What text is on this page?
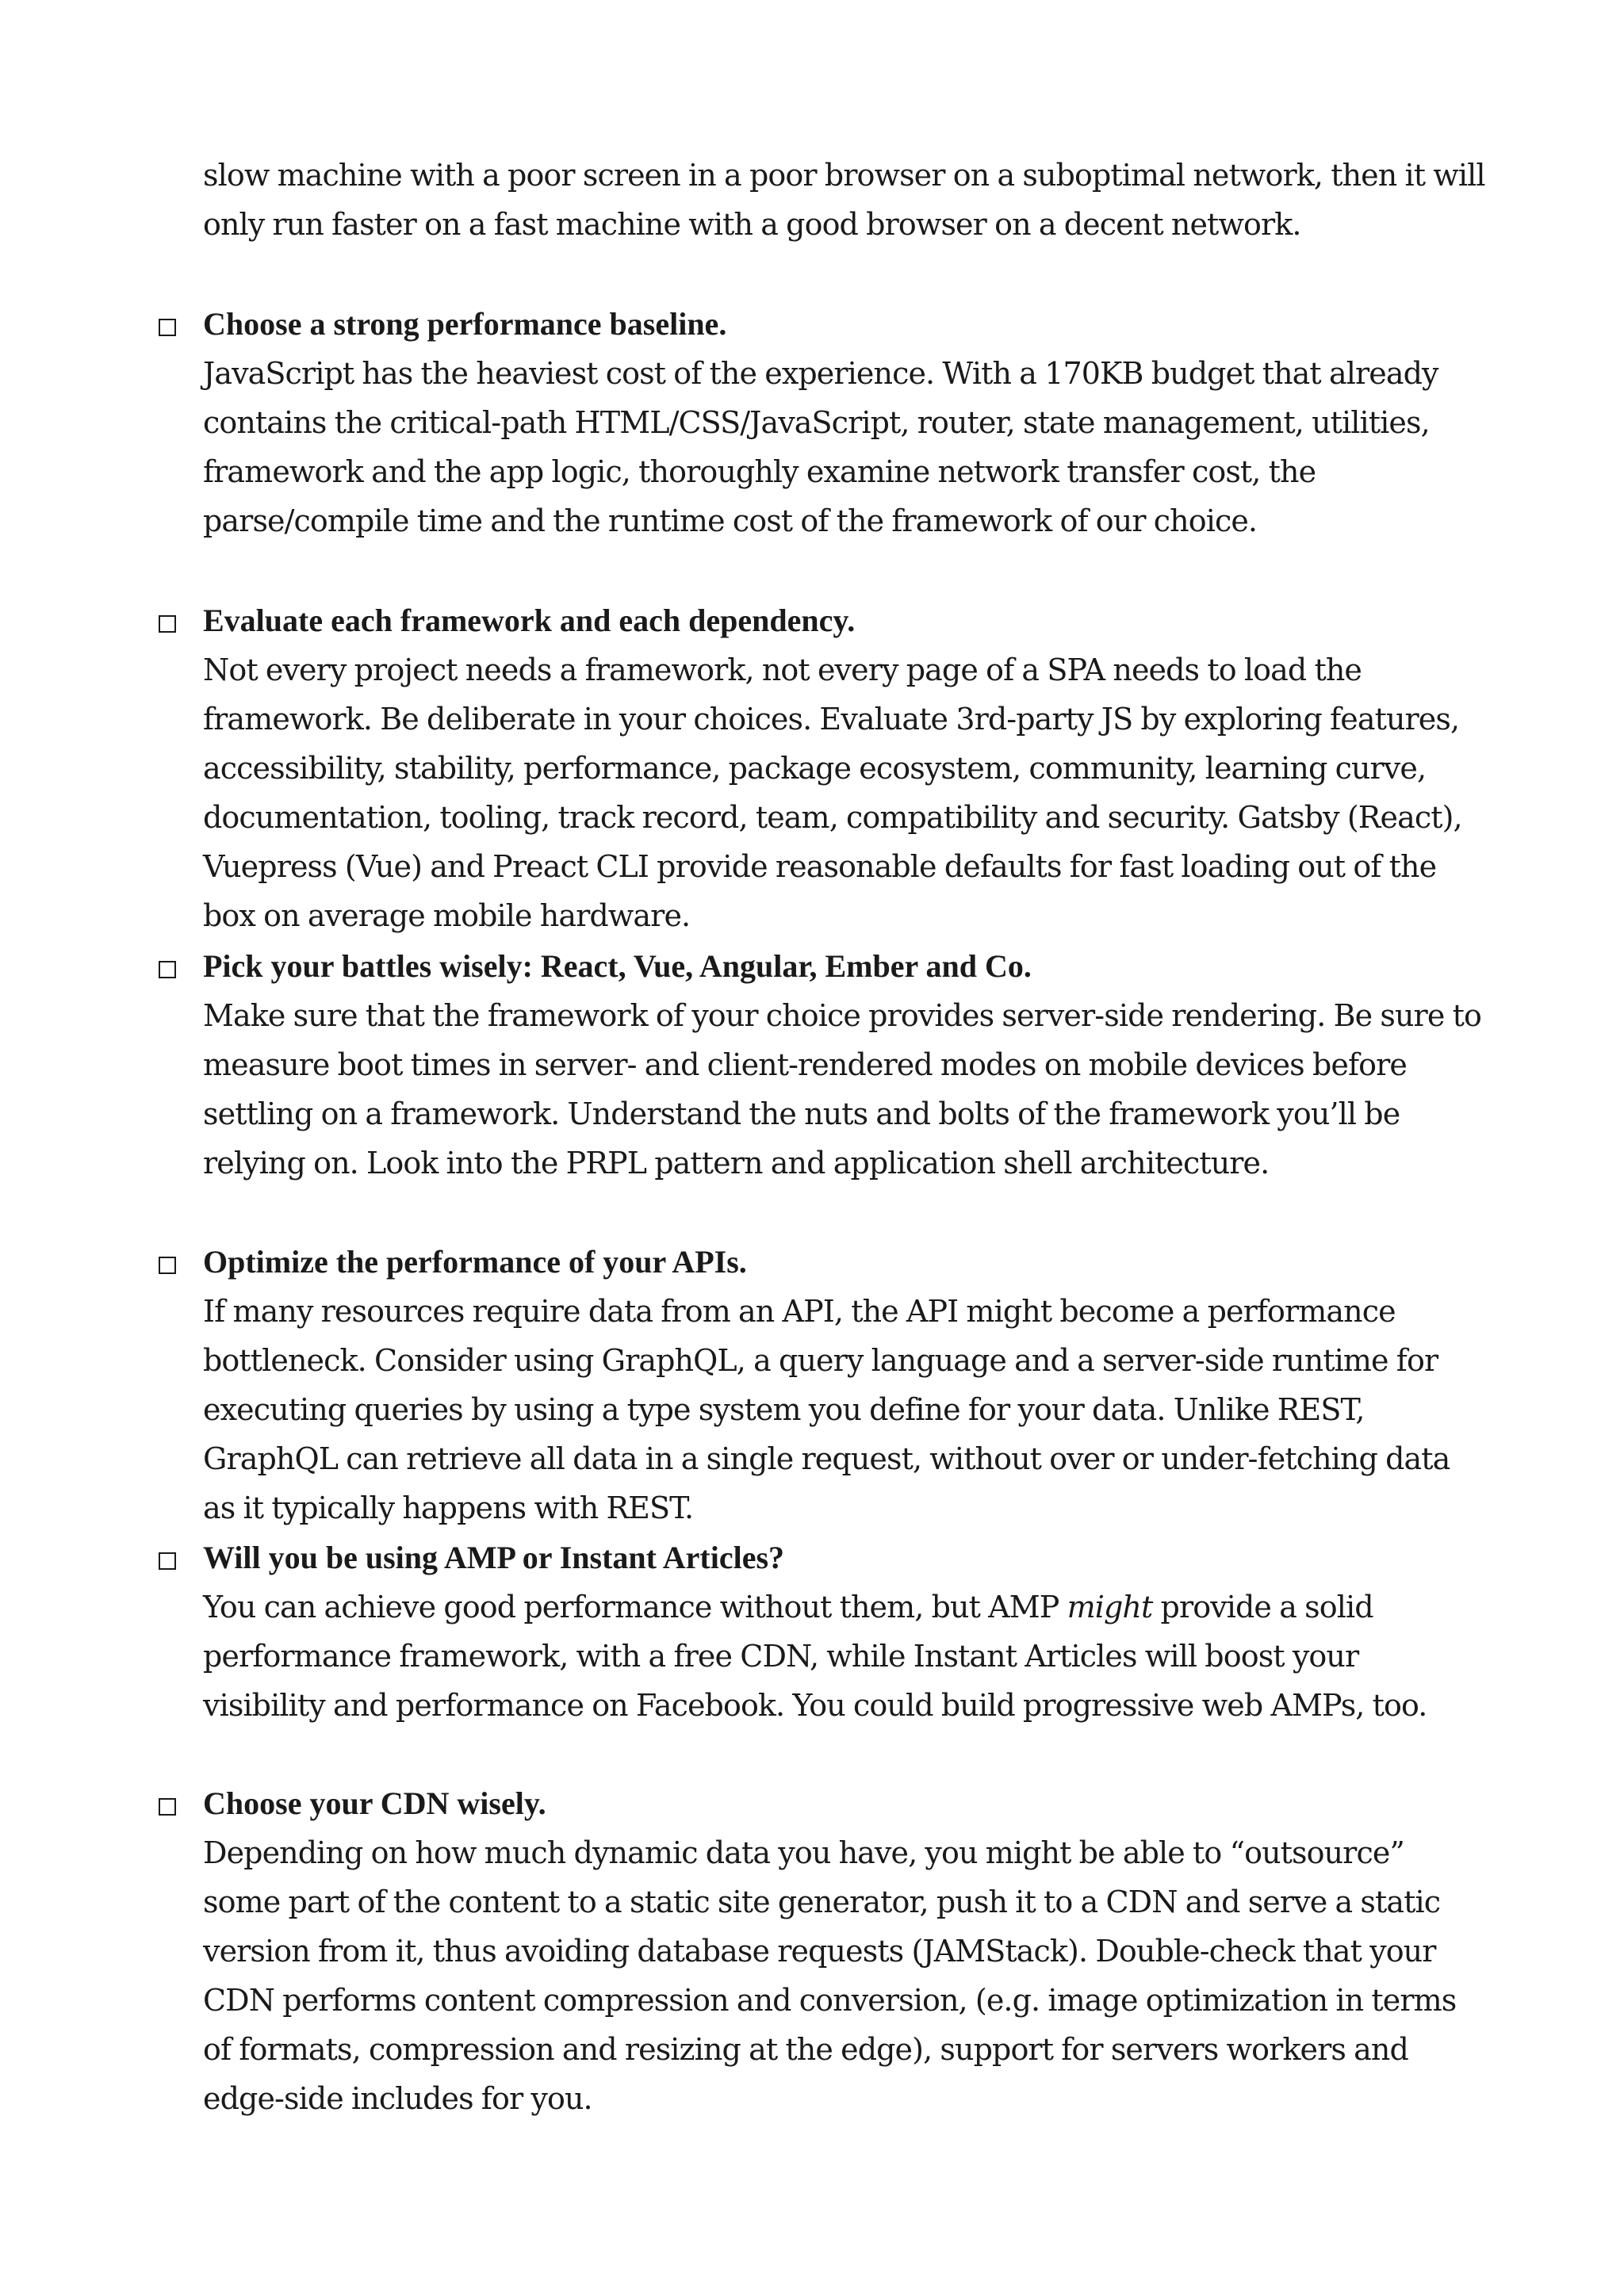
slow machine with a poor screen in a poor browser on a suboptimal network, then it will only run faster on a fast machine with a good browser on a decent network.

Choose a strong performance baseline.

JavaScript has the heaviest cost of the experience. With a 170KB budget that already contains the critical-path HTML/CSS/JavaScript, router, state management, utilities, framework and the app logic, thoroughly examine network transfer cost, the parse/compile time and the runtime cost of the framework of our choice.

Evaluate each framework and each dependency.

Not every project needs a framework, not every page of a SPA needs to load the framework. Be deliberate in your choices. Evaluate 3rd-party JS by exploring features, accessibility, stability, performance, package ecosystem, community, learning curve, documentation, tooling, track record, team, compatibility and security. Gatsby (React), Vuepress (Vue) and Preact CLI provide reasonable defaults for fast loading out of the box on average mobile hardware.

Pick your battles wisely: React, Vue, Angular, Ember and Co.

Make sure that the framework of your choice provides server-side rendering. Be sure to measure boot times in server- and client-rendered modes on mobile devices before settling on a framework. Understand the nuts and bolts of the framework you’ll be relying on. Look into the PRPL pattern and application shell architecture.

Optimize the performance of your APIs.

If many resources require data from an API, the API might become a performance bottleneck. Consider using GraphQL, a query language and a server-side runtime for executing queries by using a type system you define for your data. Unlike REST, GraphQL can retrieve all data in a single request, without over or under-fetching data as it typically happens with REST.

Will you be using AMP or Instant Articles?

You can achieve good performance without them, but AMP might provide a solid performance framework, with a free CDN, while Instant Articles will boost your visibility and performance on Facebook. You could build progressive web AMPs, too.

Choose your CDN wisely.

Depending on how much dynamic data you have, you might be able to “outsource” some part of the content to a static site generator, push it to a CDN and serve a static version from it, thus avoiding database requests (JAMStack). Double-check that your CDN performs content compression and conversion, (e.g. image optimization in terms of formats, compression and resizing at the edge), support for servers workers and edge-side includes for you.
